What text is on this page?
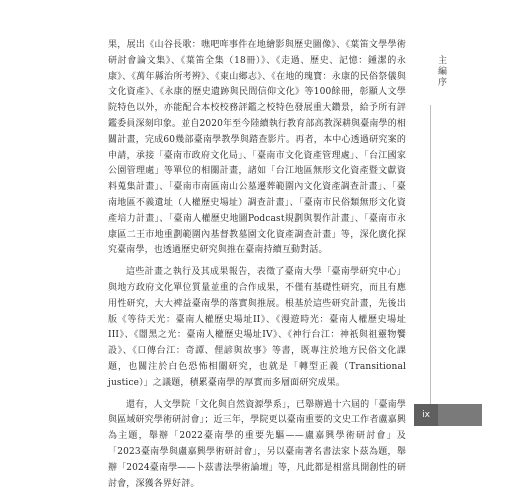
果，展出《山谷長歌：噍吧哖事件在地繪影與歷史圖像》、《葉笛文學學術研討會論文集》、《葉笛全集（18冊）》、《走過、歷史、記憶：鍾潔的永康》、《萬年縣治所考辨》、《東山鄉志》、《在地的瑰寶：永康的民俗祭儀與文化資產》、《永康的歷史遺跡與民間信仰文化》等100餘冊，彰顯人文學院特色以外，亦能配合本校校務評鑑之校特色發展重大鑽景，給予所有評鑑委員深刻印象。並自2020年至今陸續執行教育部高教深耕與臺南學的相關計畫，完成60幾部臺南學教學與踏查影片。再者，本中心透過研究案的申請，承接「臺南市政府文化局」、「臺南市文化資產管理處」、「台江國家公園管理處」等單位的相關計畫，諸如「台江地區無形文化資產暨文獻資料蒐集計畫」、「臺南市南區南山公墓遷葬範圍內文化資產調查計畫」、「臺南地區不義遺址（人權歷史場址）調查計畫」、「臺南市民俗類無形文化資產培力計畫」、「臺南人權歷史地圖Podcast規劃與製作計畫」、「臺南市永康區二王市地重劃範圍內基督教墓園文化資產調查計畫」等，深化廣化探究臺南學，也透過歷史研究與推在臺南持續互動對話。

這些計畫之執行及其成果報告，表徵了臺南大學「臺南學研究中心」與地方政府文化單位質量並重的合作成果，不僅有基礎性研究，而且有應用性研究，大大裨益臺南學的落實與推展。根基於這些研究計畫，先後出版《等待天光：臺南人權歷史場址II》、《漫遊時光：臺南人權歷史場址III》、《闇黑之光：臺南人權歷史場址IV》、《神行台江：神祇與祖靈物饗設》、《口傳台江：奇譚、俚諺與故事》等書，既專注於地方民俗文化課題，也關注於白色恐怖相關研究，也就是「轉型正義（Transitional justice）」之議題，積累臺南學的厚實而多層面研究成果。

還有，人文學院「文化與自然資源學系」，已舉辦過十六屆的「臺南學與區域研究學術研討會」；近三年，學院更以臺南重要的文史工作者盧嘉興為主題，舉辦「2022臺南學的重要先驅——盧嘉興學術研討會」及「2023臺南學與盧嘉興學術研討會」，另以臺南著名書法家卜茲為題，舉辦「2024臺南學——卜茲書法學術論壇」等，凡此都是相當具開創性的研討會，深獲各界好評。

主編序
ix
